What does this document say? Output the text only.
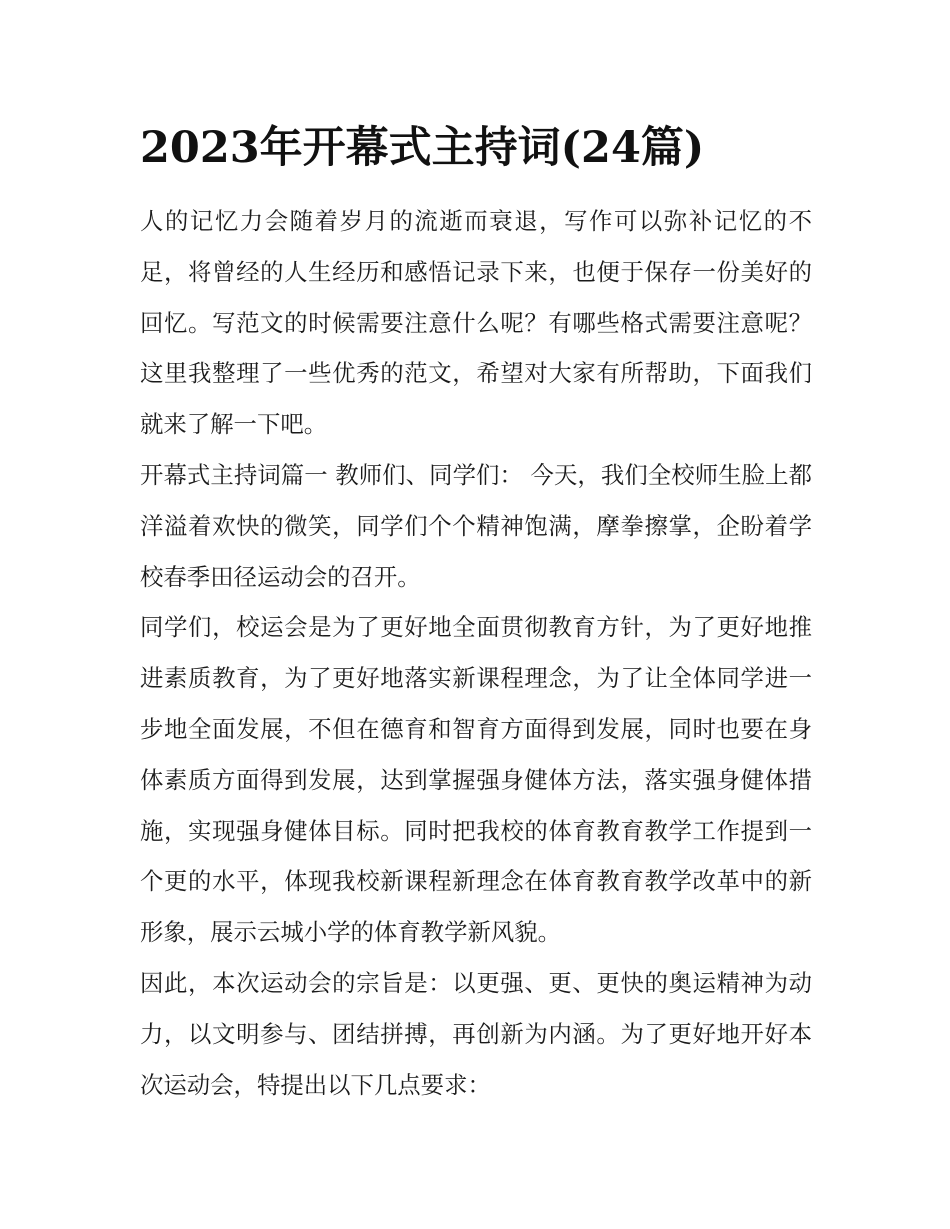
2023年开幕式主持词(24篇)

人的记忆力会随着岁月的流逝而衰退，写作可以弥补记忆的不足，将曾经的人生经历和感悟记录下来，也便于保存一份美好的回忆。写范文的时候需要注意什么呢？有哪些格式需要注意呢？这里我整理了一些优秀的范文，希望对大家有所帮助，下面我们就来了解一下吧。

开幕式主持词篇一 教师们、同学们： 今天，我们全校师生脸上都洋溢着欢快的微笑，同学们个个精神饱满，摩拳擦掌，企盼着学校春季田径运动会的召开。

同学们，校运会是为了更好地全面贯彻教育方针，为了更好地推进素质教育，为了更好地落实新课程理念，为了让全体同学进一步地全面发展，不但在德育和智育方面得到发展，同时也要在身体素质方面得到发展，达到掌握强身健体方法，落实强身健体措施，实现强身健体目标。同时把我校的体育教育教学工作提到一个更的水平，体现我校新课程新理念在体育教育教学改革中的新形象，展示云城小学的体育教学新风貌。

因此，本次运动会的宗旨是：以更强、更、更快的奥运精神为动力，以文明参与、团结拼搏，再创新为内涵。为了更好地开好本次运动会，特提出以下几点要求：
